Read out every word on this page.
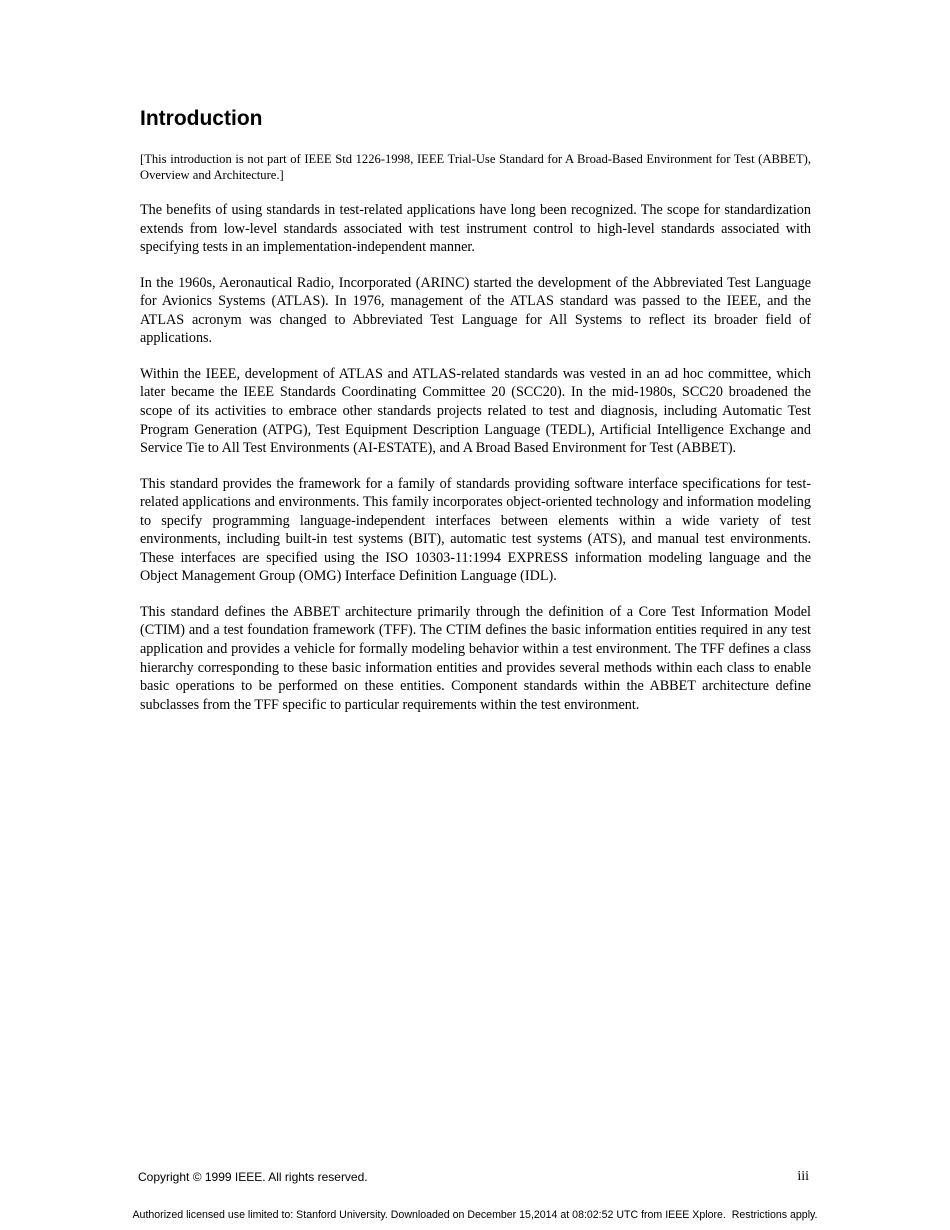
Introduction

[This introduction is not part of IEEE Std 1226-1998, IEEE Trial-Use Standard for A Broad-Based Environment for Test (ABBET), Overview and Architecture.]

The benefits of using standards in test-related applications have long been recognized. The scope for standardization extends from low-level standards associated with test instrument control to high-level standards associated with specifying tests in an implementation-independent manner.

In the 1960s, Aeronautical Radio, Incorporated (ARINC) started the development of the Abbreviated Test Language for Avionics Systems (ATLAS). In 1976, management of the ATLAS standard was passed to the IEEE, and the ATLAS acronym was changed to Abbreviated Test Language for All Systems to reflect its broader field of applications.

Within the IEEE, development of ATLAS and ATLAS-related standards was vested in an ad hoc committee, which later became the IEEE Standards Coordinating Committee 20 (SCC20). In the mid-1980s, SCC20 broadened the scope of its activities to embrace other standards projects related to test and diagnosis, including Automatic Test Program Generation (ATPG), Test Equipment Description Language (TEDL), Artificial Intelligence Exchange and Service Tie to All Test Environments (AI-ESTATE), and A Broad Based Environment for Test (ABBET).

This standard provides the framework for a family of standards providing software interface specifications for test-related applications and environments. This family incorporates object-oriented technology and information modeling to specify programming language-independent interfaces between elements within a wide variety of test environments, including built-in test systems (BIT), automatic test systems (ATS), and manual test environments. These interfaces are specified using the ISO 10303-11:1994 EXPRESS information modeling language and the Object Management Group (OMG) Interface Definition Language (IDL).

This standard defines the ABBET architecture primarily through the definition of a Core Test Information Model (CTIM) and a test foundation framework (TFF). The CTIM defines the basic information entities required in any test application and provides a vehicle for formally modeling behavior within a test environment. The TFF defines a class hierarchy corresponding to these basic information entities and provides several methods within each class to enable basic operations to be performed on these entities. Component standards within the ABBET architecture define subclasses from the TFF specific to particular requirements within the test environment.

Copyright © 1999 IEEE. All rights reserved.	iii

Authorized licensed use limited to: Stanford University. Downloaded on December 15,2014 at 08:02:52 UTC from IEEE Xplore.  Restrictions apply.
